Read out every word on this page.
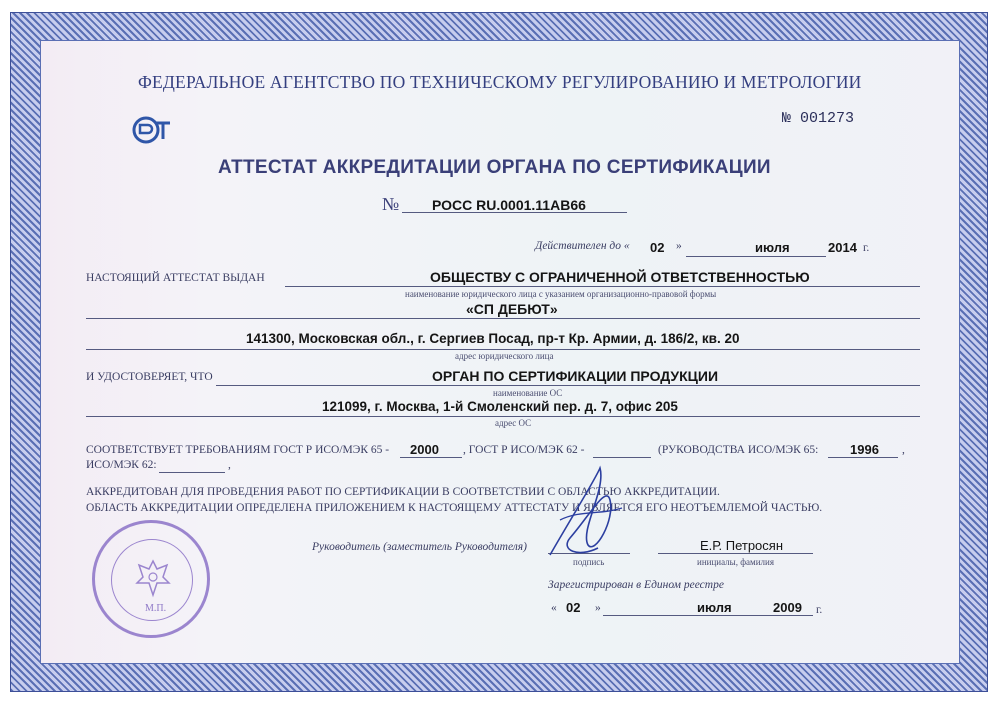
ФЕДЕРАЛЬНОЕ АГЕНТСТВО ПО ТЕХНИЧЕСКОМУ РЕГУЛИРОВАНИЮ И МЕТРОЛОГИИ
№ 001273
АТТЕСТАТ АККРЕДИТАЦИИ ОРГАНА ПО СЕРТИФИКАЦИИ
№ РОСС RU.0001.11АВ66
Действителен до « 02 »	июля	2014 г.
НАСТОЯЩИЙ АТТЕСТАТ ВЫДАН	ОБЩЕСТВУ С ОГРАНИЧЕННОЙ ОТВЕТСТВЕННОСТЬЮ
наименование юридического лица с указанием организационно-правовой формы
«СП ДЕБЮТ»
141300, Московская обл., г. Сергиев Посад, пр-т Кр. Армии, д. 186/2, кв. 20
адрес юридического лица
И УДОСТОВЕРЯЕТ, ЧТО	ОРГАН ПО СЕРТИФИКАЦИИ ПРОДУКЦИИ
наименование ОС
121099, г. Москва, 1-й Смоленский пер. д. 7, офис 205
адрес ОС
СООТВЕТСТВУЕТ ТРЕБОВАНИЯМ ГОСТ Р ИСО/МЭК 65 - 2000 , ГОСТ Р ИСО/МЭК 62 -	(РУКОВОДСТВА ИСО/МЭК 65: 1996 ,
ИСО/МЭК 62:	,
АККРЕДИТОВАН ДЛЯ ПРОВЕДЕНИЯ РАБОТ ПО СЕРТИФИКАЦИИ В СООТВЕТСТВИИ С ОБЛАСТЬЮ АККРЕДИТАЦИИ.
ОБЛАСТЬ АККРЕДИТАЦИИ ОПРЕДЕЛЕНА ПРИЛОЖЕНИЕМ К НАСТОЯЩЕМУ АТТЕСТАТУ И ЯВЛЯЕТСЯ ЕГО НЕОТЪЕМЛЕМОЙ ЧАСТЬЮ.
Руководитель (заместитель Руководителя)
подпись
Е.Р. Петросян
инициалы, фамилия
Зарегистрирован в Едином реестре
« 02 »	июля	2009 г.
М.П.
